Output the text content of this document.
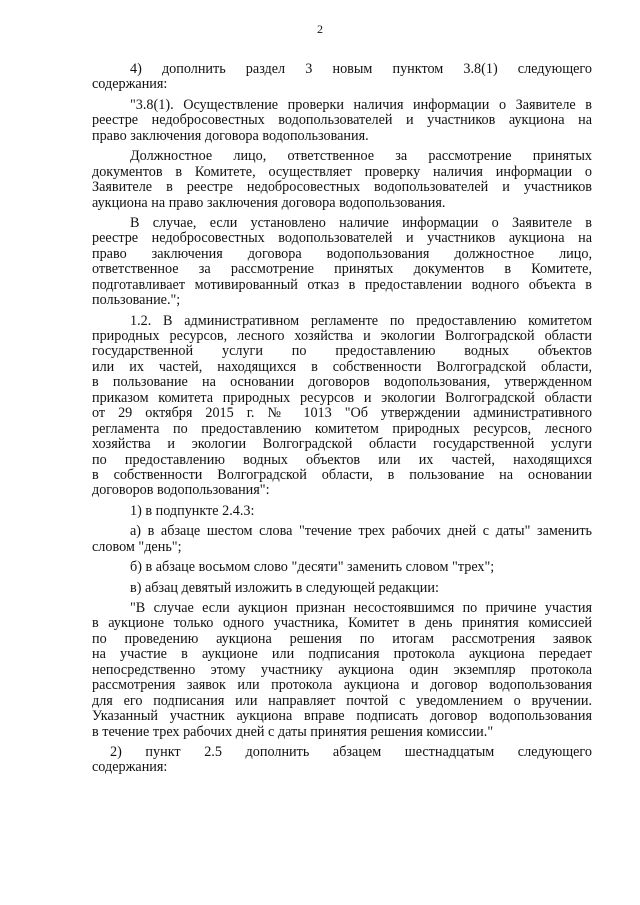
2
4) дополнить раздел 3 новым пунктом 3.8(1) следующего
содержания:
"3.8(1). Осуществление проверки наличия информации о Заявителе в
реестре недобросовестных водопользователей и участников аукциона на
право заключения договора водопользования.
Должностное лицо, ответственное за рассмотрение принятых
документов в Комитете, осуществляет проверку наличия информации о
Заявителе в реестре недобросовестных водопользователей и участников
аукциона на право заключения договора водопользования.
В случае, если установлено наличие информации о Заявителе в
реестре недобросовестных водопользователей и участников аукциона на
право заключения договора водопользования должностное лицо,
ответственное за рассмотрение принятых документов в Комитете,
подготавливает мотивированный отказ в предоставлении водного объекта в
пользование.";
1.2. В административном регламенте по предоставлению комитетом
природных ресурсов, лесного хозяйства и экологии Волгоградской области
государственной услуги по предоставлению водных объектов
или их частей, находящихся в собственности Волгоградской области,
в пользование на основании договоров водопользования, утвержденном
приказом комитета природных ресурсов и экологии Волгоградской области
от 29 октября 2015 г. № 1013 "Об утверждении административного
регламента по предоставлению комитетом природных ресурсов, лесного
хозяйства и экологии Волгоградской области государственной услуги
по предоставлению водных объектов или их частей, находящихся
в собственности Волгоградской области, в пользование на основании
договоров водопользования":
1) в подпункте 2.4.3:
а) в абзаце шестом слова "течение трех рабочих дней с даты" заменить
словом "день";
б) в абзаце восьмом слово "десяти" заменить словом "трех";
в) абзац девятый изложить в следующей редакции:
"В случае если аукцион признан несостоявшимся по причине участия
в аукционе только одного участника, Комитет в день принятия комиссией
по проведению аукциона решения по итогам рассмотрения заявок
на участие в аукционе или подписания протокола аукциона передает
непосредственно этому участнику аукциона один экземпляр протокола
рассмотрения заявок или протокола аукциона и договор водопользования
для его подписания или направляет почтой с уведомлением о вручении.
Указанный участник аукциона вправе подписать договор водопользования
в течение трех рабочих дней с даты принятия решения комиссии."
2) пункт 2.5 дополнить абзацем шестнадцатым следующего
содержания:
